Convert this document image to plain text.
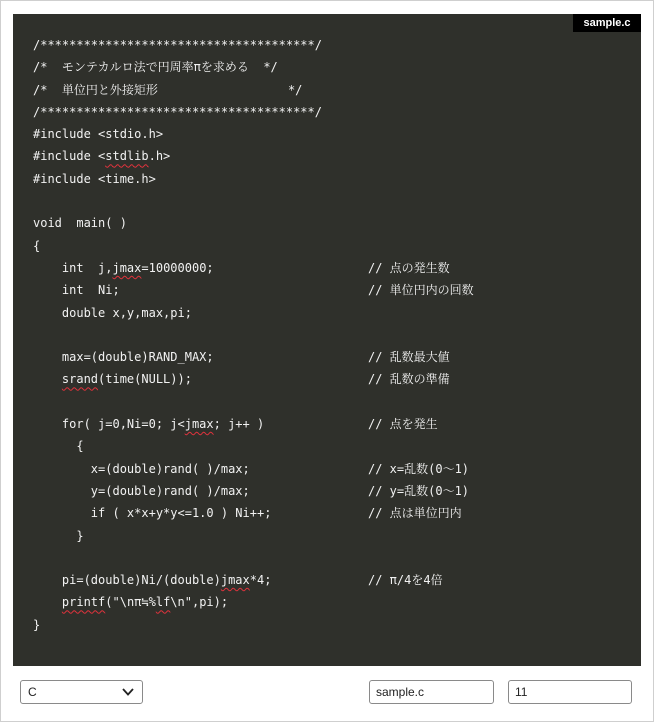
sample.c
/**************************************/
/*  モンテカルロ法で円周率πを求める  */
/*  単位円と外接矩形                  */
/**************************************/
#include <stdio.h>
#include <stdlib.h>
#include <time.h>
void  main( )
{
int  j,jmax=10000000;	// 点の発生数
int  Ni;	// 単位円内の回数
double x,y,max,pi;
max=(double)RAND_MAX;	// 乱数最大値
srand(time(NULL));	// 乱数の準備
for( j=0,Ni=0; j<jmax; j++ )	// 点を発生
{
x=(double)rand( )/max;	// x=乱数(0～1)
y=(double)rand( )/max;	// y=乱数(0～1)
if ( x*x+y*y<=1.0 ) Ni++;	// 点は単位円内
}
pi=(double)Ni/(double)jmax*4;	// π/4を4倍
printf("\nπ≒%lf\n",pi);
}
C
sample.c
11
